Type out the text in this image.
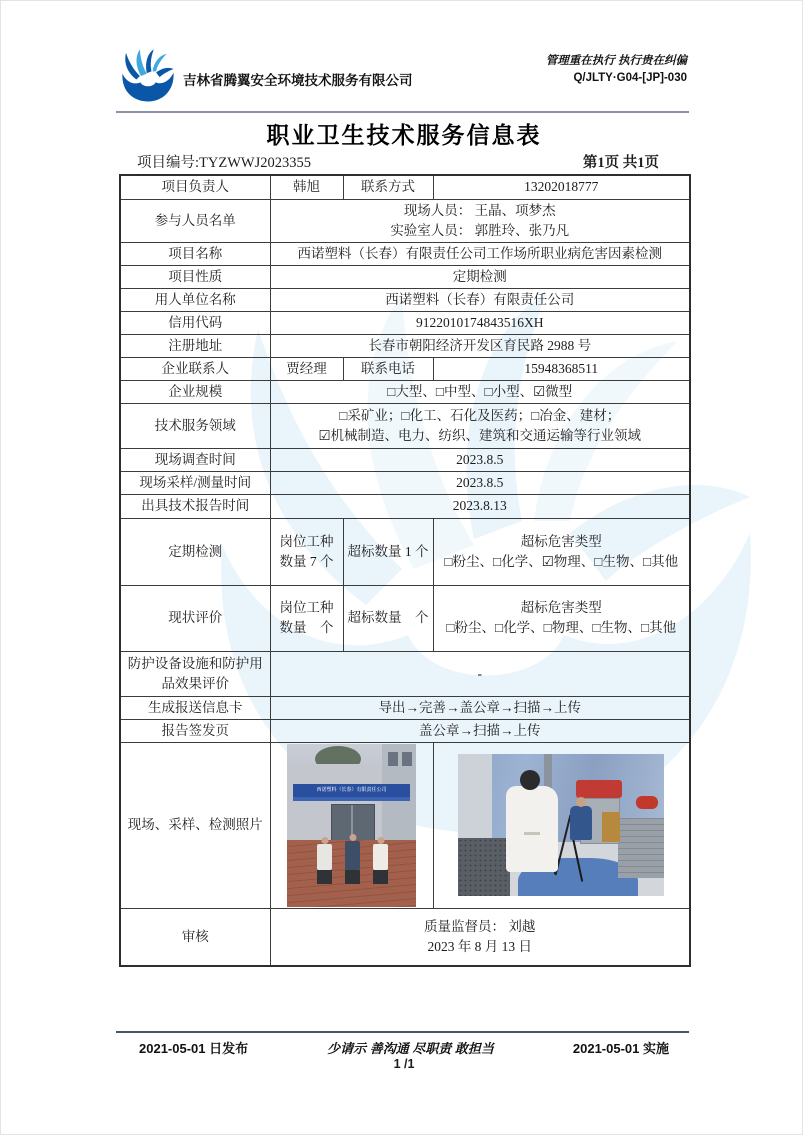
吉林省腾翼安全环境技术服务有限公司
管理重在执行 执行贵在纠偏
Q/JLTY·G04-[JP]-030
职业卫生技术服务信息表
项目编号:TYZWWJ2023355	第1页 共1页
项目负责人	韩旭	联系方式	13202018777
参与人员名单	现场人员： 王晶、项梦杰
实验室人员： 郭胜玲、张乃凡		

项目名称	西诺塑料（长春）有限责任公司工作场所职业病危害因素检测		
项目性质	定期检测		
用人单位名称	西诺塑料（长春）有限责任公司		
信用代码	9122010174843516XH		
注册地址	长春市朝阳经济开发区育民路 2988 号		
企业联系人	贾经理	联系电话	15948368511
企业规模	□大型、□中型、□小型、☑微型		
技术服务领域	□采矿业；□化工、石化及医药；□冶金、建材；
☑机械制造、电力、纺织、建筑和交通运输等行业领域		

现场调查时间	2023.8.5		
现场采样/测量时间	2023.8.5		
出具技术报告时间	2023.8.13		
定期检测	岗位工种数量 7 个	超标数量 1 个	超标危害类型
□粉尘、□化学、☑物理、□生物、□其他

现状评价	岗位工种数量　个	超标数量　个	超标危害类型
□粉尘、□化学、□物理、□生物、□其他

防护设备设施和防护用品效果评价	-		
生成报送信息卡	导出→完善→盖公章→扫描→上传		
报告签发页	盖公章→扫描→上传		
现场、采样、检测照片	西诺塑料（长春）有限责任公司		

审核	质量监督员： 刘越
2023 年 8 月 13 日		
2021-05-01 日发布	少请示 善沟通 尽职责 敢担当	2021-05-01 实施
1 /1
